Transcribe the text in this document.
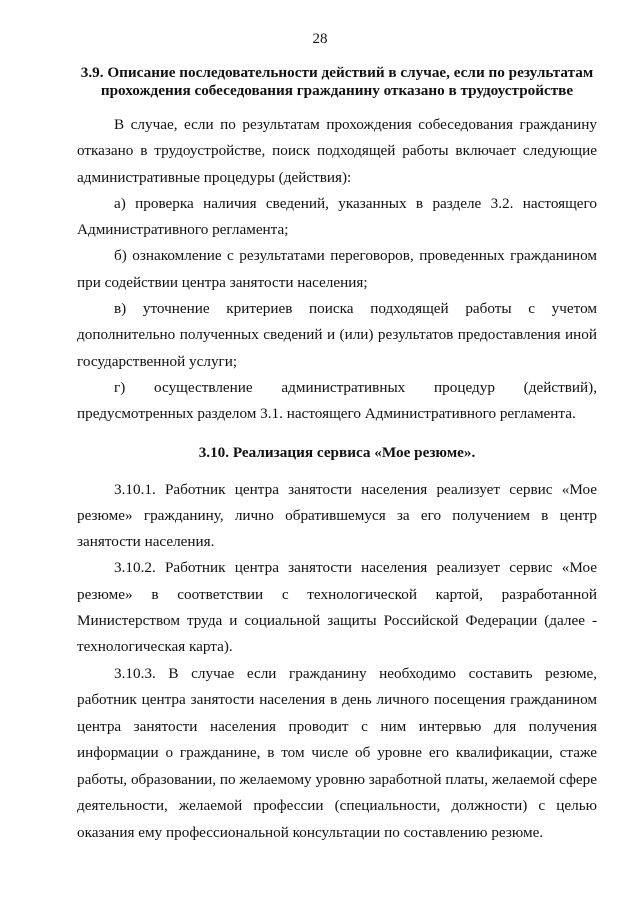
28
3.9. Описание последовательности действий в случае, если по результатам прохождения собеседования гражданину отказано в трудоустройстве

В случае, если по результатам прохождения собеседования гражданину отказано в трудоустройстве, поиск подходящей работы включает следующие административные процедуры (действия):

а) проверка наличия сведений, указанных в разделе 3.2. настоящего Административного регламента;

б) ознакомление с результатами переговоров, проведенных гражданином при содействии центра занятости населения;

в) уточнение критериев поиска подходящей работы с учетом дополнительно полученных сведений и (или) результатов предоставления иной государственной услуги;

г) осуществление административных процедур (действий), предусмотренных разделом 3.1. настоящего Административного регламента.

3.10. Реализация сервиса «Мое резюме».

3.10.1. Работник центра занятости населения реализует сервис «Мое резюме» гражданину, лично обратившемуся за его получением в центр занятости населения.

3.10.2. Работник центра занятости населения реализует сервис «Мое резюме» в соответствии с технологической картой, разработанной Министерством труда и социальной защиты Российской Федерации (далее - технологическая карта).

3.10.3. В случае если гражданину необходимо составить резюме, работник центра занятости населения в день личного посещения гражданином центра занятости населения проводит с ним интервью для получения информации о гражданине, в том числе об уровне его квалификации, стаже работы, образовании, по желаемому уровню заработной платы, желаемой сфере деятельности, желаемой профессии (специальности, должности) с целью оказания ему профессиональной консультации по составлению резюме.
